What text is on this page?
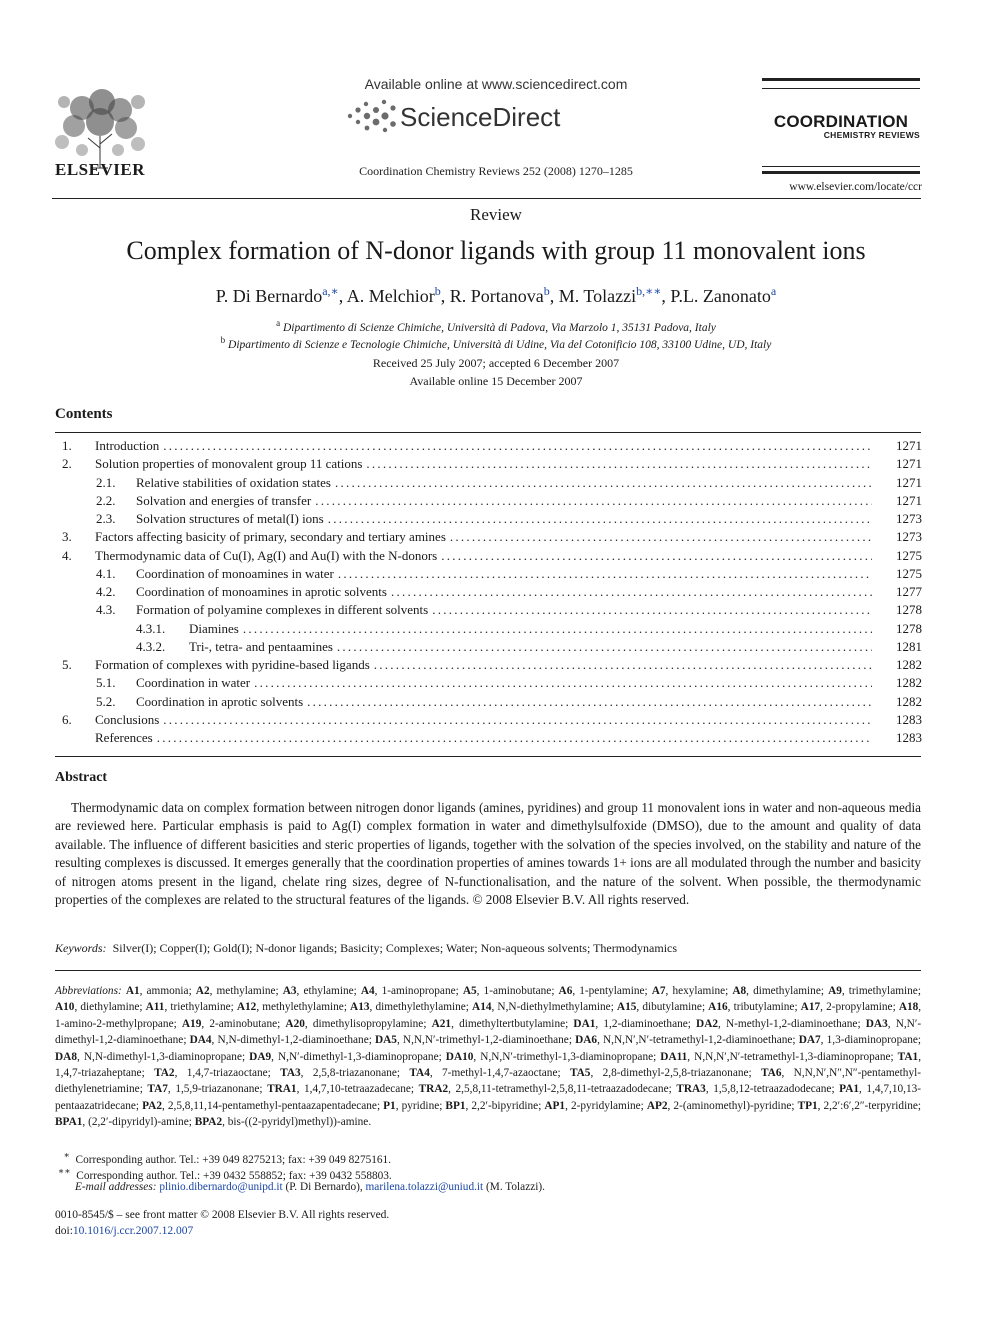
ELSEVIER
Available online at www.sciencedirect.com
ScienceDirect
Coordination Chemistry Reviews 252 (2008) 1270–1285
COORDINATION
CHEMISTRY REVIEWS
www.elsevier.com/locate/ccr
Review
Complex formation of N-donor ligands with group 11 monovalent ions
P. Di Bernardo$^{a,∗}$, A. Melchior$^b$, R. Portanova$^b$, M. Tolazzi$^{b,∗∗}$, P.L. Zanonato$^a$
$^a$ Dipartimento di Scienze Chimiche, Università di Padova, Via Marzolo 1, 35131 Padova, Italy
$^b$ Dipartimento di Scienze e Tecnologie Chimiche, Università di Udine, Via del Cotonificio 108, 33100 Udine, UD, Italy
Received 25 July 2007; accepted 6 December 2007
Available online 15 December 2007
Contents
1. Introduction . . .	1271
2. Solution properties of monovalent group 11 cations . . .	1271
2.1. Relative stabilities of oxidation states . . .	1271
2.2. Solvation and energies of transfer . . .	1271
2.3. Solvation structures of metal(I) ions . . .	1273
3. Factors affecting basicity of primary, secondary and tertiary amines . . .	1273
4. Thermodynamic data of Cu(I), Ag(I) and Au(I) with the N-donors . . .	1275
4.1. Coordination of monoamines in water . . .	1275
4.2. Coordination of monoamines in aprotic solvents . . .	1277
4.3. Formation of polyamine complexes in different solvents . . .	1278
4.3.1. Diamines . . .	1278
4.3.2. Tri-, tetra- and pentaamines . . .	1281
5. Formation of complexes with pyridine-based ligands . . .	1282
5.1. Coordination in water . . .	1282
5.2. Coordination in aprotic solvents . . .	1282
6. Conclusions . . .	1283
References . . .	1283
Abstract
Thermodynamic data on complex formation between nitrogen donor ligands (amines, pyridines) and group 11 monovalent ions in water and non-aqueous media are reviewed here. Particular emphasis is paid to Ag(I) complex formation in water and dimethylsulfoxide (DMSO), due to the amount and quality of data available. The influence of different basicities and steric properties of ligands, together with the solvation of the species involved, on the stability and nature of the resulting complexes is discussed. It emerges generally that the coordination properties of amines towards 1+ ions are all modulated through the number and basicity of nitrogen atoms present in the ligand, chelate ring sizes, degree of N-functionalisation, and the nature of the solvent. When possible, the thermodynamic properties of the complexes are related to the structural features of the ligands. © 2008 Elsevier B.V. All rights reserved.
Keywords: Silver(I); Copper(I); Gold(I); N-donor ligands; Basicity; Complexes; Water; Non-aqueous solvents; Thermodynamics
Abbreviations: A1, ammonia; A2, methylamine; A3, ethylamine; A4, 1-aminopropane; A5, 1-aminobutane; A6, 1-pentylamine; A7, hexylamine; A8, dimethylamine; A9, trimethylamine; A10, diethylamine; A11, triethylamine; A12, methylethylamine; A13, dimethylethylamine; A14, N,N-diethylmethylamine; A15, dibutylamine; A16, tributylamine; A17, 2-propylamine; A18, 1-amino-2-methylpropane; A19, 2-aminobutane; A20, dimethylisopropylamine; A21, dimethyltertbutylamine; DA1, 1,2-diaminoethane; DA2, N-methyl-1,2-diaminoethane; DA3, N,N′-dimethyl-1,2-diaminoethane; DA4, N,N-dimethyl-1,2-diaminoethane; DA5, N,N,N′-trimethyl-1,2-diaminoethane; DA6, N,N,N′,N′-tetramethyl-1,2-diaminoethane; DA7, 1,3-diaminopropane; DA8, N,N-dimethyl-1,3-diaminopropane; DA9, N,N′-dimethyl-1,3-diaminopropane; DA10, N,N,N′-trimethyl-1,3-diaminopropane; DA11, N,N,N′,N′-tetramethyl-1,3-diaminopropane; TA1, 1,4,7-triazaheptane; TA2, 1,4,7-triazaoctane; TA3, 2,5,8-triazanonane; TA4, 7-methyl-1,4,7-azaoctane; TA5, 2,8-dimethyl-2,5,8-triazanonane; TA6, N,N,N′,N″,N″-pentamethyl-diethylenetriamine; TA7, 1,5,9-triazanonane; TRA1, 1,4,7,10-tetraazadecane; TRA2, 2,5,8,11-tetramethyl-2,5,8,11-tetraazadodecane; TRA3, 1,5,8,12-tetraazadodecane; PA1, 1,4,7,10,13-pentaazatridecane; PA2, 2,5,8,11,14-pentamethyl-pentaazapentadecane; P1, pyridine; BP1, 2,2′-bipyridine; AP1, 2-pyridylamine; AP2, 2-(aminomethyl)-pyridine; TP1, 2,2′:6′,2″-terpyridine; BPA1, (2,2′-dipyridyl)-amine; BPA2, bis-((2-pyridyl)methyl))-amine.
∗ Corresponding author. Tel.: +39 049 8275213; fax: +39 049 8275161.
∗∗ Corresponding author. Tel.: +39 0432 558852; fax: +39 0432 558803.
E-mail addresses: plinio.dibernardo@unipd.it (P. Di Bernardo), marilena.tolazzi@uniud.it (M. Tolazzi).
0010-8545/$ – see front matter © 2008 Elsevier B.V. All rights reserved.
doi:10.1016/j.ccr.2007.12.007
